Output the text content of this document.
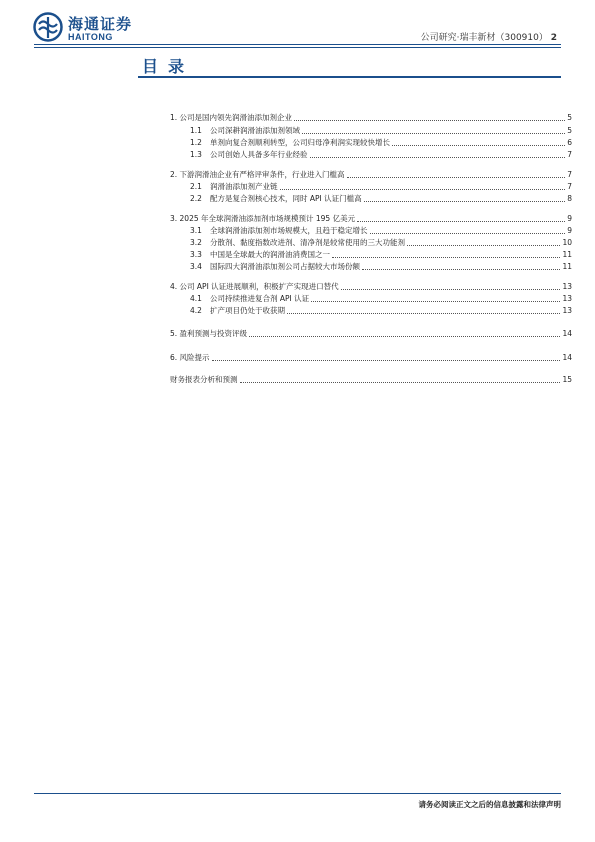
海通证券
HAITONG	公司研究·瑞丰新材（300910） 2
目录
1. 公司是国内领先润滑油添加剂企业	5
1.1	公司深耕润滑油添加剂领域	5
1.2	单剂向复合剂顺利转型，公司归母净利润实现较快增长	6
1.3	公司创始人具备多年行业经验	7
2. 下游润滑油企业有严格评审条件，行业进入门槛高	7
2.1	润滑油添加剂产业链	7
2.2	配方是复合剂核心技术，同时 API 认证门槛高	8
3. 2025 年全球润滑油添加剂市场规模预计 195 亿美元	9
3.1	全球润滑油添加剂市场规模大，且趋于稳定增长	9
3.2	分散剂、黏度指数改进剂、清净剂是较常使用的三大功能剂	10
3.3	中国是全球最大的润滑油消费国之一	11
3.4	国际四大润滑油添加剂公司占据较大市场份额	11
4. 公司 API 认证进展顺利，积极扩产实现进口替代	13
4.1	公司持续推进复合剂 API 认证	13
4.2	扩产项目仍处于收获期	13
5. 盈利预测与投资评级	14
6. 风险提示	14
财务报表分析和预测	15
请务必阅读正文之后的信息披露和法律声明
